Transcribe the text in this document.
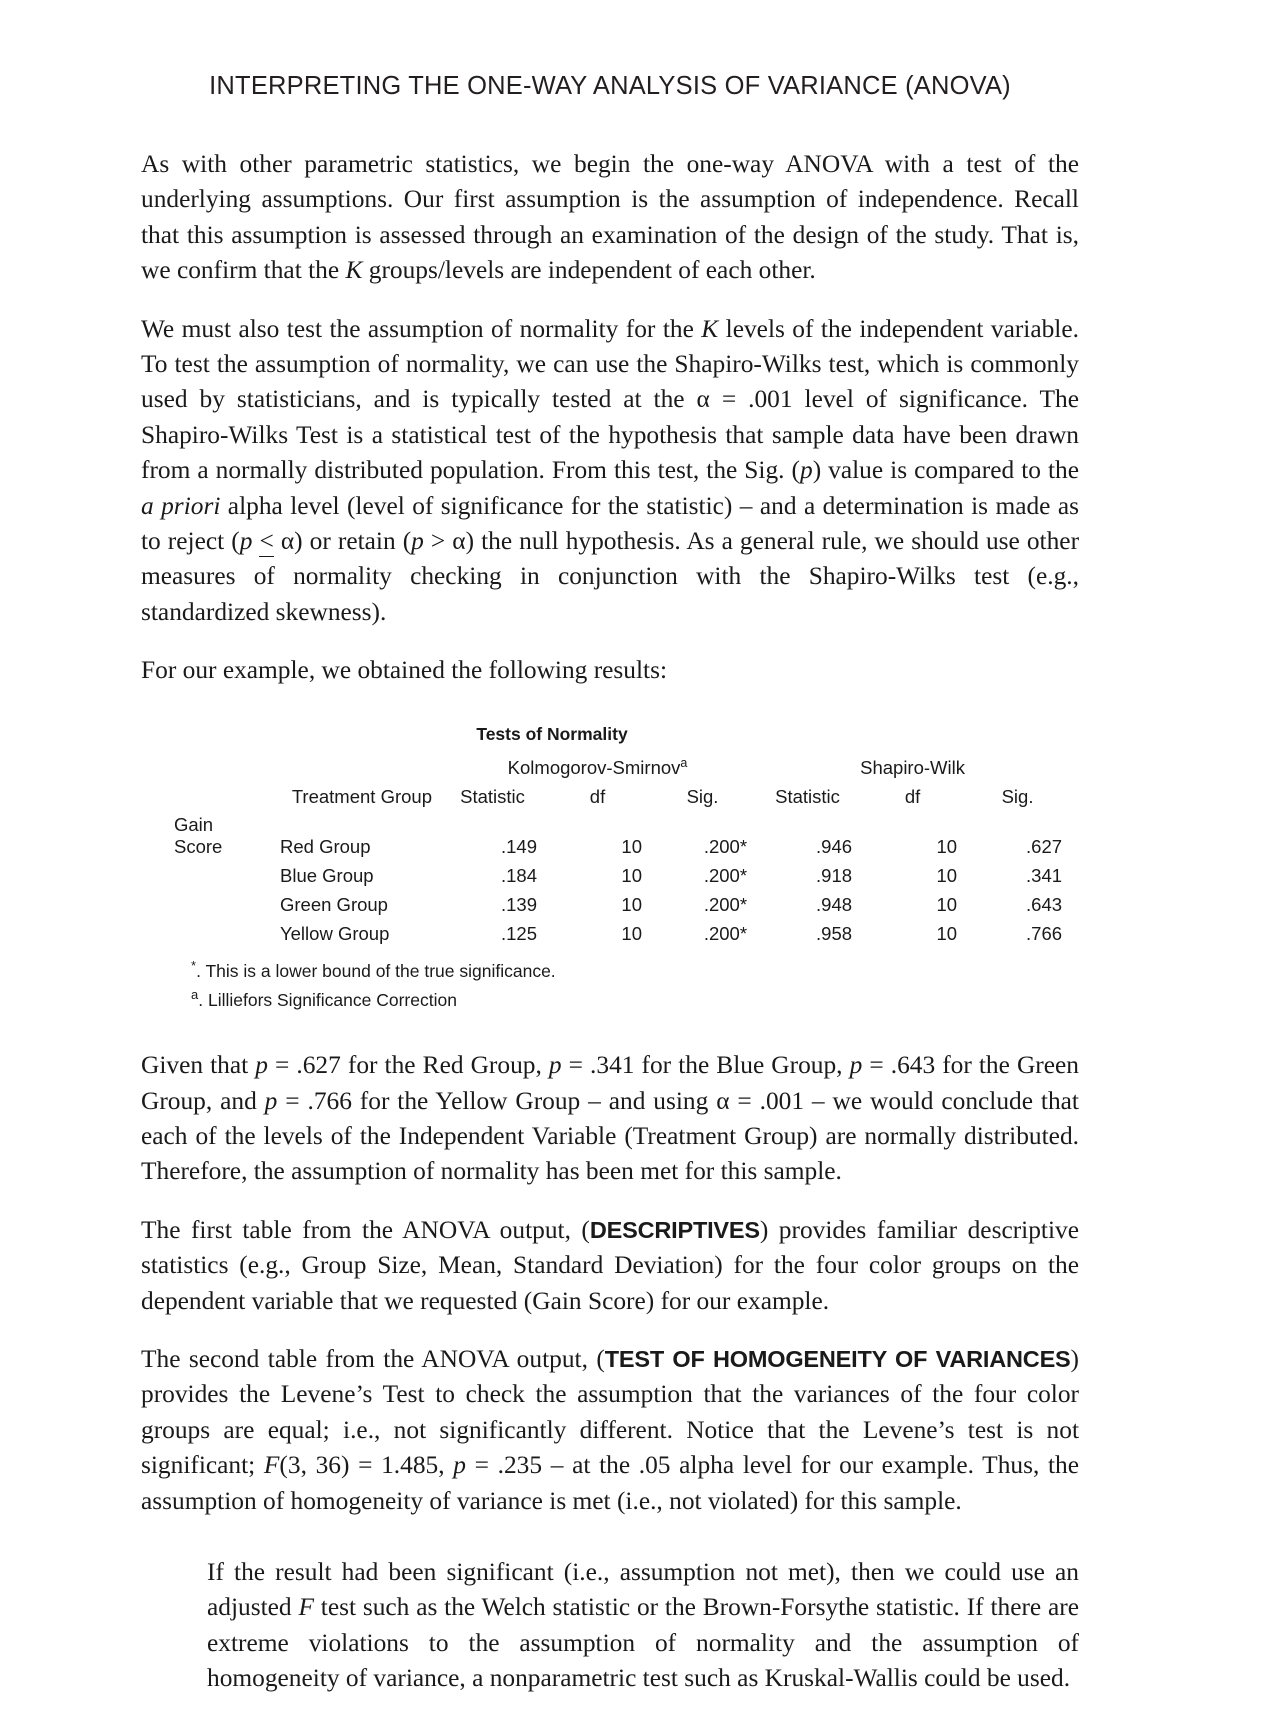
INTERPRETING THE ONE-WAY ANALYSIS OF VARIANCE (ANOVA)

As with other parametric statistics, we begin the one-way ANOVA with a test of the underlying assumptions. Our first assumption is the assumption of independence. Recall that this assumption is assessed through an examination of the design of the study. That is, we confirm that the K groups/levels are independent of each other.

We must also test the assumption of normality for the K levels of the independent variable. To test the assumption of normality, we can use the Shapiro-Wilks test, which is commonly used by statisticians, and is typically tested at the α = .001 level of significance. The Shapiro-Wilks Test is a statistical test of the hypothesis that sample data have been drawn from a normally distributed population. From this test, the Sig. (p) value is compared to the a priori alpha level (level of significance for the statistic) – and a determination is made as to reject (p < α) or retain (p > α) the null hypothesis. As a general rule, we should use other measures of normality checking in conjunction with the Shapiro-Wilks test (e.g., standardized skewness).

For our example, we obtained the following results:

Tests of Normality
		Kolmogorov-Smirnov$^a$			Shapiro-Wilk		
	Treatment Group	Statistic	df	Sig.	Statistic	df	Sig.
Gain Score	Red Group	.149	10	.200*	.946	10	.627
	Blue Group	.184	10	.200*	.918	10	.341
	Green Group	.139	10	.200*	.948	10	.643
	Yellow Group	.125	10	.200*	.958	10	.766

*. This is a lower bound of the true significance.

$^a$. Lilliefors Significance Correction

Given that p = .627 for the Red Group, p = .341 for the Blue Group, p = .643 for the Green Group, and p = .766 for the Yellow Group – and using α = .001 – we would conclude that each of the levels of the Independent Variable (Treatment Group) are normally distributed. Therefore, the assumption of normality has been met for this sample.

The first table from the ANOVA output, (DESCRIPTIVES) provides familiar descriptive statistics (e.g., Group Size, Mean, Standard Deviation) for the four color groups on the dependent variable that we requested (Gain Score) for our example.

The second table from the ANOVA output, (TEST OF HOMOGENEITY OF VARIANCES) provides the Levene’s Test to check the assumption that the variances of the four color groups are equal; i.e., not significantly different. Notice that the Levene’s test is not significant; F(3, 36) = 1.485, p = .235 – at the .05 alpha level for our example. Thus, the assumption of homogeneity of variance is met (i.e., not violated) for this sample.

If the result had been significant (i.e., assumption not met), then we could use an adjusted F test such as the Welch statistic or the Brown-Forsythe statistic. If there are extreme violations to the assumption of normality and the assumption of homogeneity of variance, a nonparametric test such as Kruskal-Wallis could be used.
